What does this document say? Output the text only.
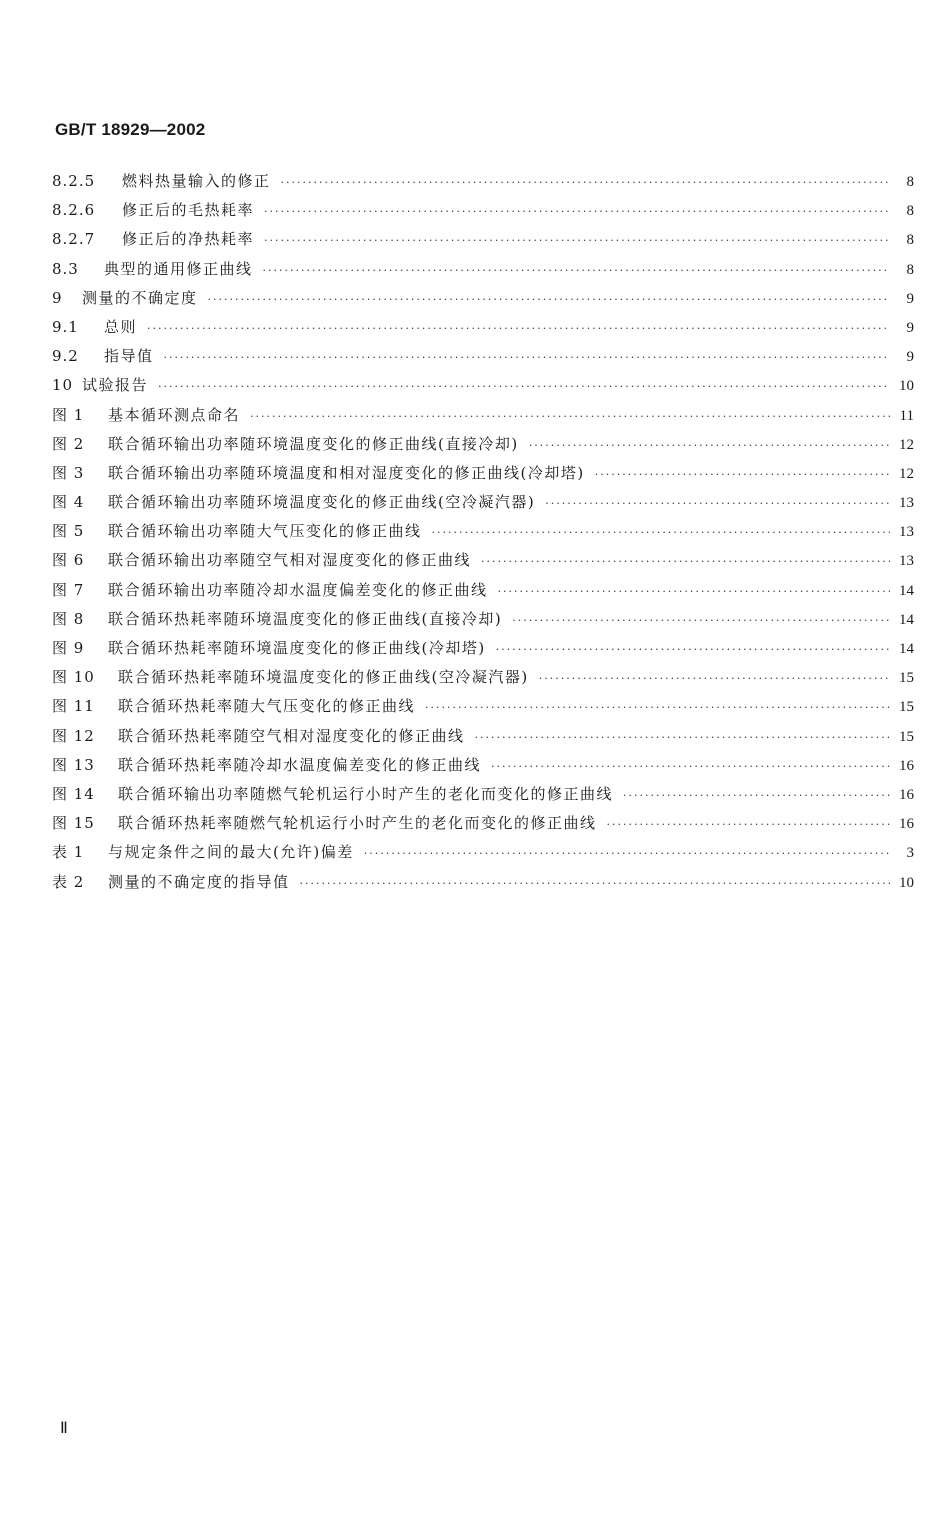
GB/T 18929—2002
8.2.5	燃料热量输入的修正 ·····	8
8.2.6	修正后的毛热耗率 ·····	8
8.2.7	修正后的净热耗率 ·····	8
8.3	典型的通用修正曲线 ·····	8
9	测量的不确定度 ·····	9
9.1	总则 ·····	9
9.2	指导值 ·····	9
10 试验报告 ·····	10
图 1	基本循环测点命名 ·····	11
图 2	联合循环输出功率随环境温度变化的修正曲线(直接冷却) ·····	12
图 3	联合循环输出功率随环境温度和相对湿度变化的修正曲线(冷却塔) ·····	12
图 4	联合循环输出功率随环境温度变化的修正曲线(空冷凝汽器) ·····	13
图 5	联合循环输出功率随大气压变化的修正曲线 ·····	13
图 6	联合循环输出功率随空气相对湿度变化的修正曲线 ·····	13
图 7	联合循环输出功率随冷却水温度偏差变化的修正曲线 ·····	14
图 8	联合循环热耗率随环境温度变化的修正曲线(直接冷却) ·····	14
图 9	联合循环热耗率随环境温度变化的修正曲线(冷却塔) ·····	14
图 10	联合循环热耗率随环境温度变化的修正曲线(空冷凝汽器) ·····	15
图 11	联合循环热耗率随大气压变化的修正曲线 ·····	15
图 12	联合循环热耗率随空气相对湿度变化的修正曲线 ·····	15
图 13	联合循环热耗率随冷却水温度偏差变化的修正曲线 ·····	16
图 14	联合循环输出功率随燃气轮机运行小时产生的老化而变化的修正曲线 ·····	16
图 15	联合循环热耗率随燃气轮机运行小时产生的老化而变化的修正曲线 ·····	16
表 1	与规定条件之间的最大(允许)偏差 ·····	3
表 2	测量的不确定度的指导值 ·····	10
Ⅱ
